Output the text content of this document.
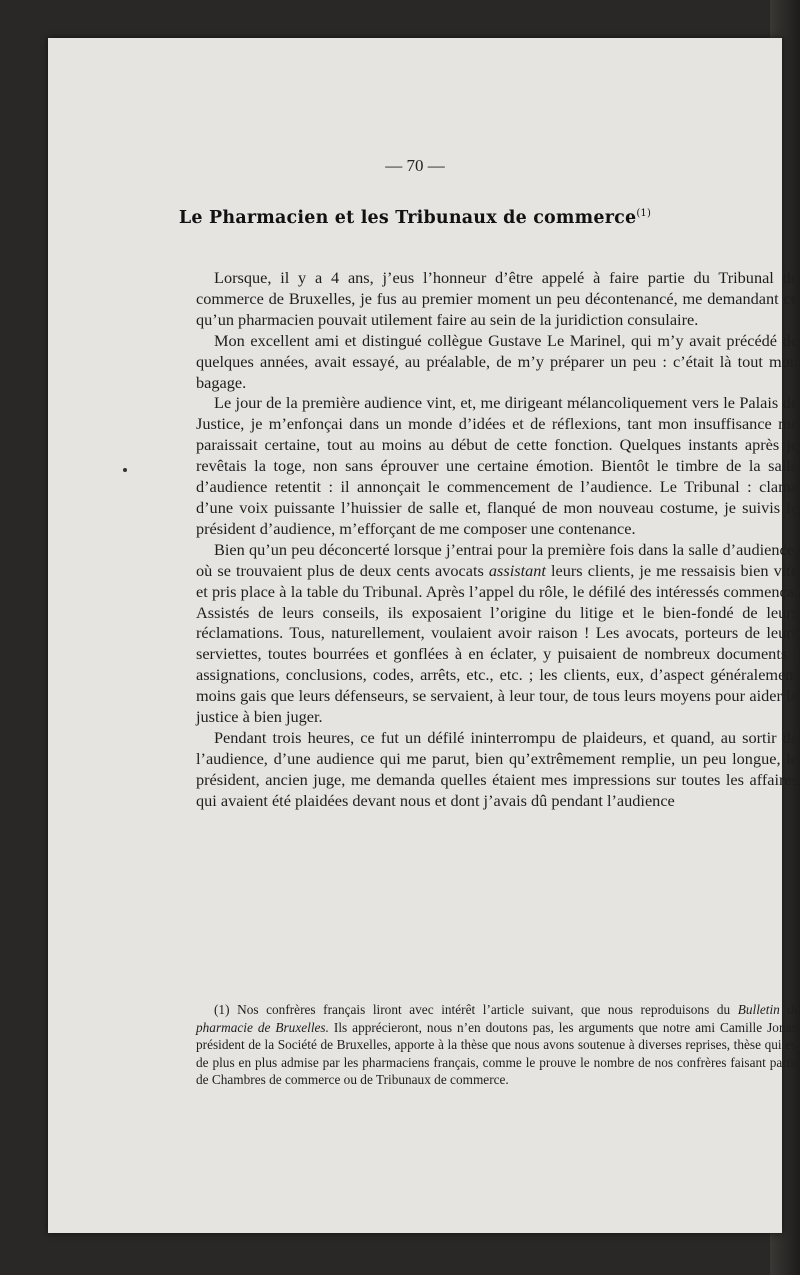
— 70 —
Le Pharmacien et les Tribunaux de commerce$^{(1)}$

Lorsque, il y a 4 ans, j’eus l’honneur d’être appelé à faire partie du Tribunal de commerce de Bruxelles, je fus au premier moment un peu décontenancé, me demandant ce qu’un pharmacien pouvait utilement faire au sein de la juridiction consulaire.

Mon excellent ami et distingué collègue Gustave Le Marinel, qui m’y avait précédé de quelques années, avait essayé, au préalable, de m’y préparer un peu : c’était là tout mon bagage.

Le jour de la première audience vint, et, me dirigeant mélancoliquement vers le Palais de Justice, je m’enfonçai dans un monde d’idées et de réflexions, tant mon insuffisance me paraissait certaine, tout au moins au début de cette fonction. Quelques instants après je revêtais la toge, non sans éprouver une certaine émotion. Bientôt le timbre de la salle d’audience retentit : il annonçait le commencement de l’audience. Le Tribunal : clama d’une voix puissante l’huissier de salle et, flanqué de mon nouveau costume, je suivis le président d’audience, m’efforçant de me composer une contenance.

Bien qu’un peu déconcerté lorsque j’entrai pour la première fois dans la salle d’audience, où se trouvaient plus de deux cents avocats assistant leurs clients, je me ressaisis bien vite et pris place à la table du Tribunal. Après l’appel du rôle, le défilé des intéressés commença. Assistés de leurs conseils, ils exposaient l’origine du litige et le bien-fondé de leurs réclamations. Tous, naturellement, voulaient avoir raison ! Les avocats, porteurs de leurs serviettes, toutes bourrées et gonflées à en éclater, y puisaient de nombreux documents : assignations, conclusions, codes, arrêts, etc., etc. ; les clients, eux, d’aspect généralement moins gais que leurs défenseurs, se servaient, à leur tour, de tous leurs moyens pour aider la justice à bien juger.

Pendant trois heures, ce fut un défilé ininterrompu de plaideurs, et quand, au sortir de l’audience, d’une audience qui me parut, bien qu’extrêmement remplie, un peu longue, le président, ancien juge, me demanda quelles étaient mes impressions sur toutes les affaires qui avaient été plaidées devant nous et dont j’avais dû pendant l’audience

(1) Nos confrères français liront avec intérêt l’article suivant, que nous reproduisons du Bulletin de pharmacie de Bruxelles. Ils apprécieront, nous n’en doutons pas, les arguments que notre ami Camille Jonas, président de la Société de Bruxelles, apporte à la thèse que nous avons soutenue à diverses reprises, thèse qui est de plus en plus admise par les pharmaciens français, comme le prouve le nombre de nos confrères faisant partie de Chambres de commerce ou de Tribunaux de commerce.
